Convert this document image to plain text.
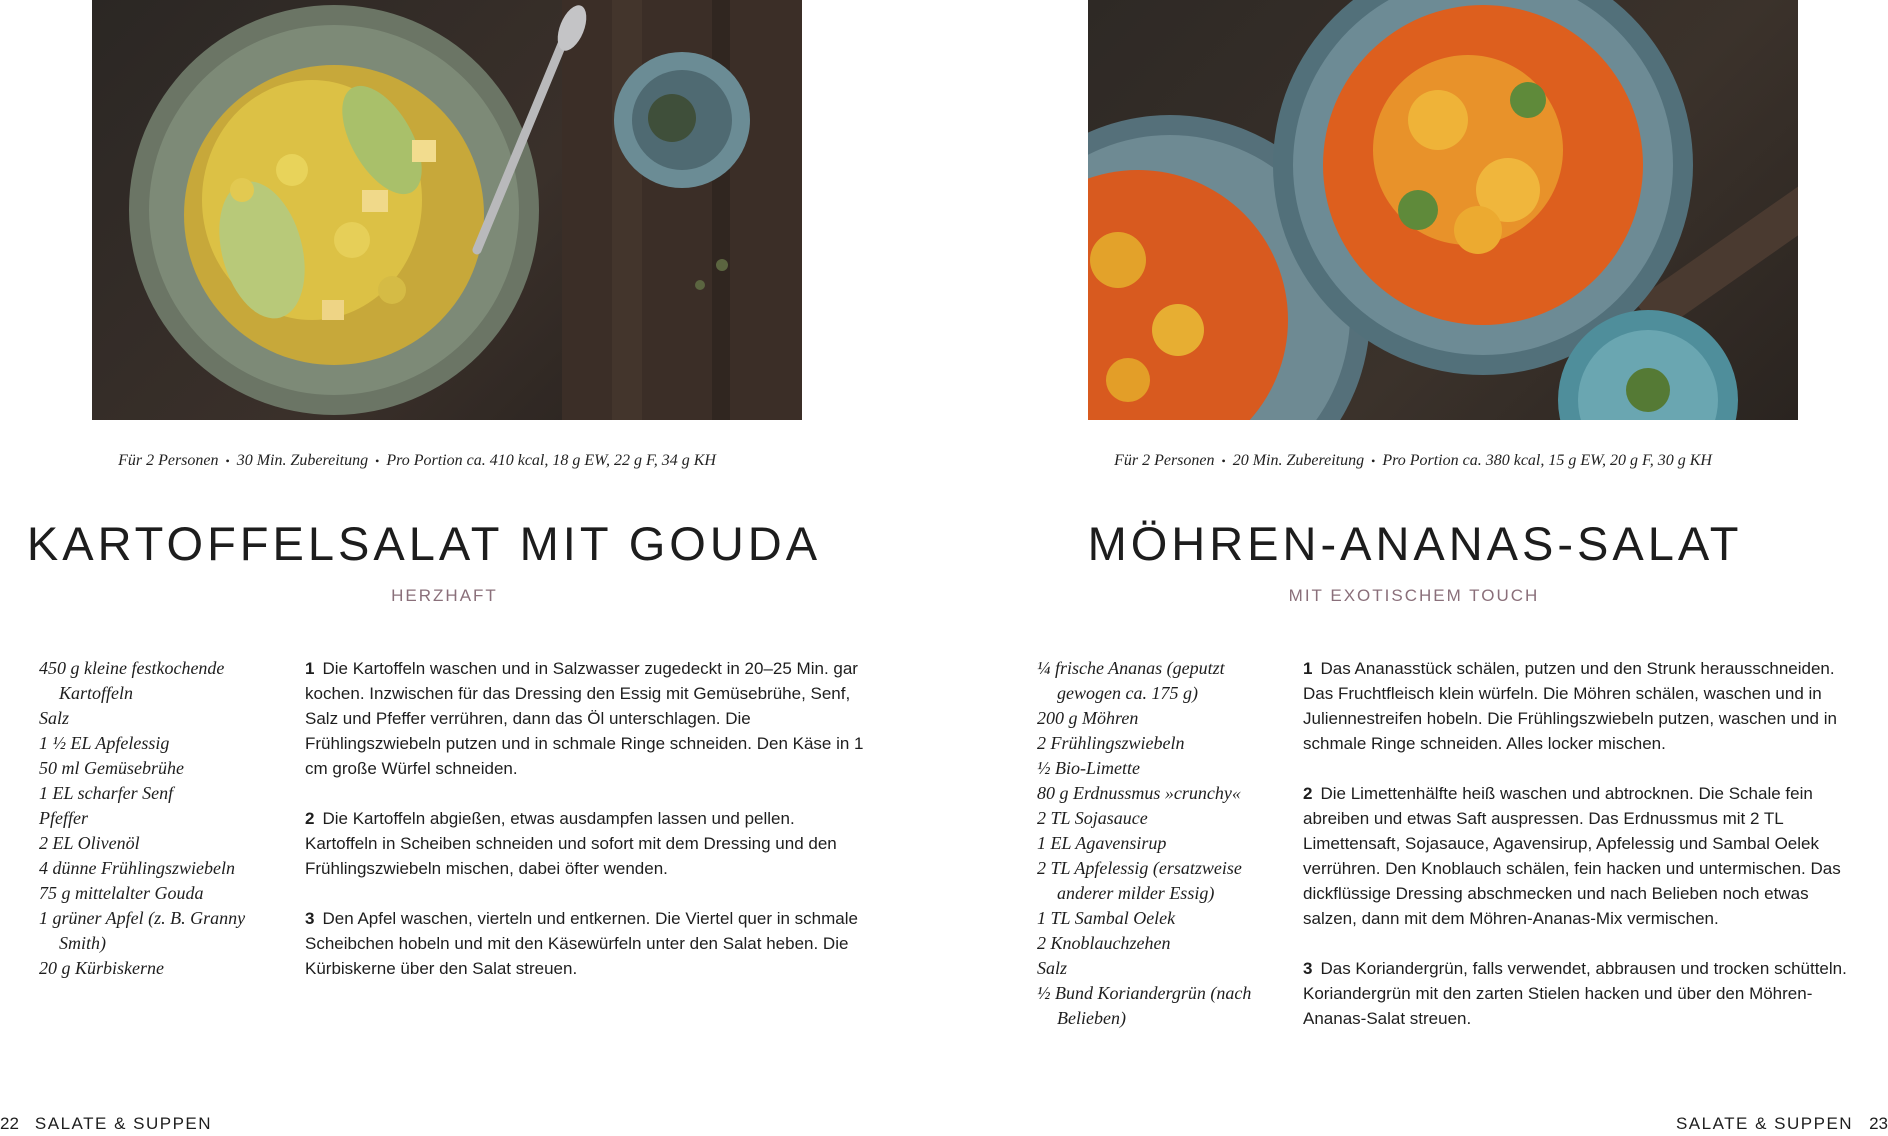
Für 2 Personen • 30 Min. Zubereitung • Pro Portion ca. 410 kcal, 18 g EW, 22 g F, 34 g KH
KARTOFFELSALAT MIT GOUDA
HERZHAFT
450 g kleine festkochende Kartoffeln
Salz
1 ½ EL Apfelessig
50 ml Gemüsebrühe
1 EL scharfer Senf
Pfeffer
2 EL Olivenöl
4 dünne Frühlingszwiebeln
75 g mittelalter Gouda
1 grüner Apfel (z. B. Granny Smith)
20 g Kürbiskerne

1 Die Kartoffeln waschen und in Salzwasser zugedeckt in 20–25 Min. gar kochen. Inzwischen für das Dressing den Essig mit Gemüsebrühe, Senf, Salz und Pfeffer verrühren, dann das Öl unterschlagen. Die Frühlingszwiebeln putzen und in schmale Ringe schneiden. Den Käse in 1 cm große Würfel schneiden.

2 Die Kartoffeln abgießen, etwas ausdampfen lassen und pellen. Kartoffeln in Scheiben schneiden und sofort mit dem Dressing und den Frühlingszwiebeln mischen, dabei öfter wenden.

3 Den Apfel waschen, vierteln und entkernen. Die Viertel quer in schmale Scheibchen hobeln und mit den Käsewürfeln unter den Salat heben. Die Kürbiskerne über den Salat streuen.

22 SALATE & SUPPEN
Für 2 Personen • 20 Min. Zubereitung • Pro Portion ca. 380 kcal, 15 g EW, 20 g F, 30 g KH
MÖHREN-ANANAS-SALAT
MIT EXOTISCHEM TOUCH
¼ frische Ananas (geputzt gewogen ca. 175 g)
200 g Möhren
2 Frühlingszwiebeln
½ Bio-Limette
80 g Erdnussmus »crunchy«
2 TL Sojasauce
1 EL Agavensirup
2 TL Apfelessig (ersatzweise anderer milder Essig)
1 TL Sambal Oelek
2 Knoblauchzehen
Salz
½ Bund Koriandergrün (nach Belieben)

1 Das Ananasstück schälen, putzen und den Strunk herausschneiden. Das Fruchtfleisch klein würfeln. Die Möhren schälen, waschen und in Juliennestreifen hobeln. Die Frühlingszwiebeln putzen, waschen und in schmale Ringe schneiden. Alles locker mischen.

2 Die Limettenhälfte heiß waschen und abtrocknen. Die Schale fein abreiben und etwas Saft auspressen. Das Erdnussmus mit 2 TL Limettensaft, Sojasauce, Agavensirup, Apfelessig und Sambal Oelek verrühren. Den Knoblauch schälen, fein hacken und untermischen. Das dickflüssige Dressing abschmecken und nach Belieben noch etwas salzen, dann mit dem Möhren-Ananas-Mix vermischen.

3 Das Koriandergrün, falls verwendet, abbrausen und trocken schütteln. Koriandergrün mit den zarten Stielen hacken und über den Möhren-Ananas-Salat streuen.

SALATE & SUPPEN 23
